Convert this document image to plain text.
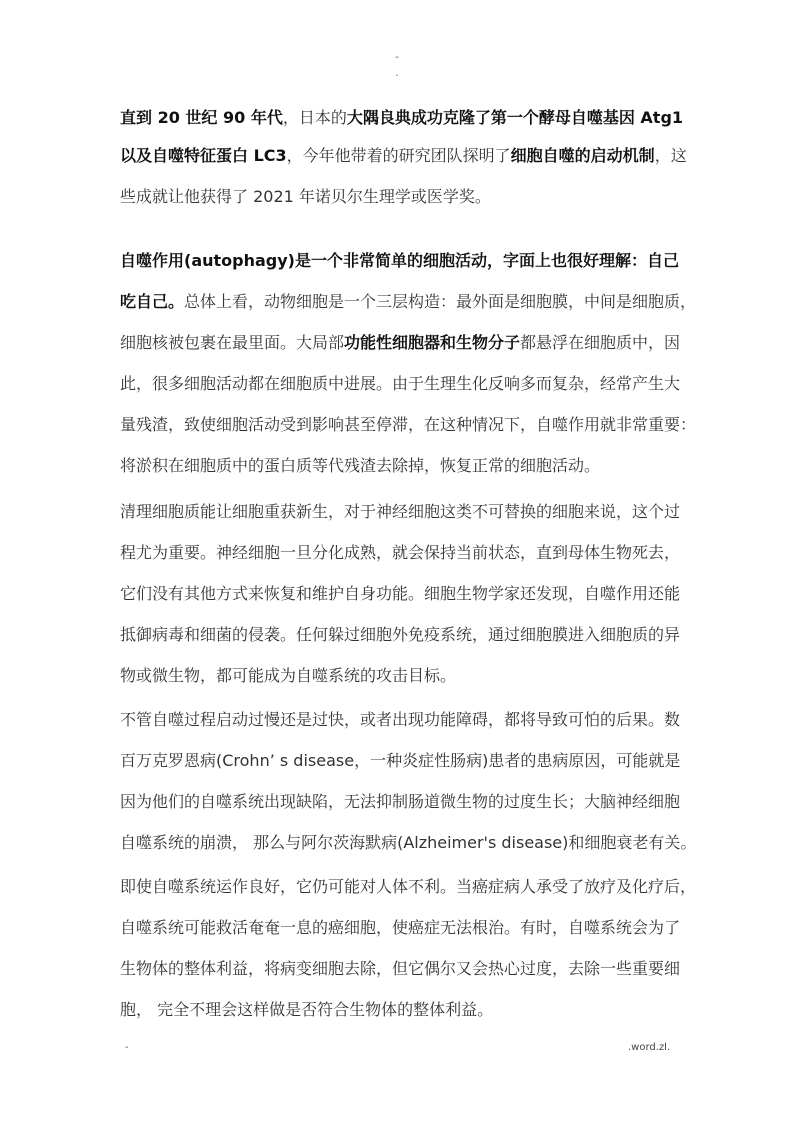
-
.
直到 20 世纪 90 年代，日本的大隅良典成功克隆了第一个酵母自噬基因 Atg1
以及自噬特征蛋白 LC3，今年他带着的研究团队探明了细胞自噬的启动机制，这
些成就让他获得了 2021 年诺贝尔生理学或医学奖。
自噬作用(autophagy)是一个非常简单的细胞活动，字面上也很好理解：自己
吃自己。总体上看，动物细胞是一个三层构造：最外面是细胞膜，中间是细胞质，
细胞核被包裹在最里面。大局部功能性细胞器和生物分子都悬浮在细胞质中，因
此，很多细胞活动都在细胞质中进展。由于生理生化反响多而复杂，经常产生大
量残渣，致使细胞活动受到影响甚至停滞，在这种情况下，自噬作用就非常重要：
将淤积在细胞质中的蛋白质等代残渣去除掉，恢复正常的细胞活动。
清理细胞质能让细胞重获新生，对于神经细胞这类不可替换的细胞来说，这个过
程尤为重要。神经细胞一旦分化成熟，就会保持当前状态，直到母体生物死去，
它们没有其他方式来恢复和维护自身功能。细胞生物学家还发现，自噬作用还能
抵御病毒和细菌的侵袭。任何躲过细胞外免疫系统，通过细胞膜进入细胞质的异
物或微生物，都可能成为自噬系统的攻击目标。
不管自噬过程启动过慢还是过快，或者出现功能障碍，都将导致可怕的后果。数
百万克罗恩病(Crohn’ s disease，一种炎症性肠病)患者的患病原因，可能就是
因为他们的自噬系统出现缺陷，无法抑制肠道微生物的过度生长；大脑神经细胞
自噬系统的崩溃， 那么与阿尔茨海默病(Alzheimer's disease)和细胞衰老有关。
即使自噬系统运作良好，它仍可能对人体不利。当癌症病人承受了放疗及化疗后，
自噬系统可能救活奄奄一息的癌细胞，使癌症无法根治。有时，自噬系统会为了
生物体的整体利益，将病变细胞去除，但它偶尔又会热心过度，去除一些重要细
胞， 完全不理会这样做是否符合生物体的整体利益。
-	.word.zl.
